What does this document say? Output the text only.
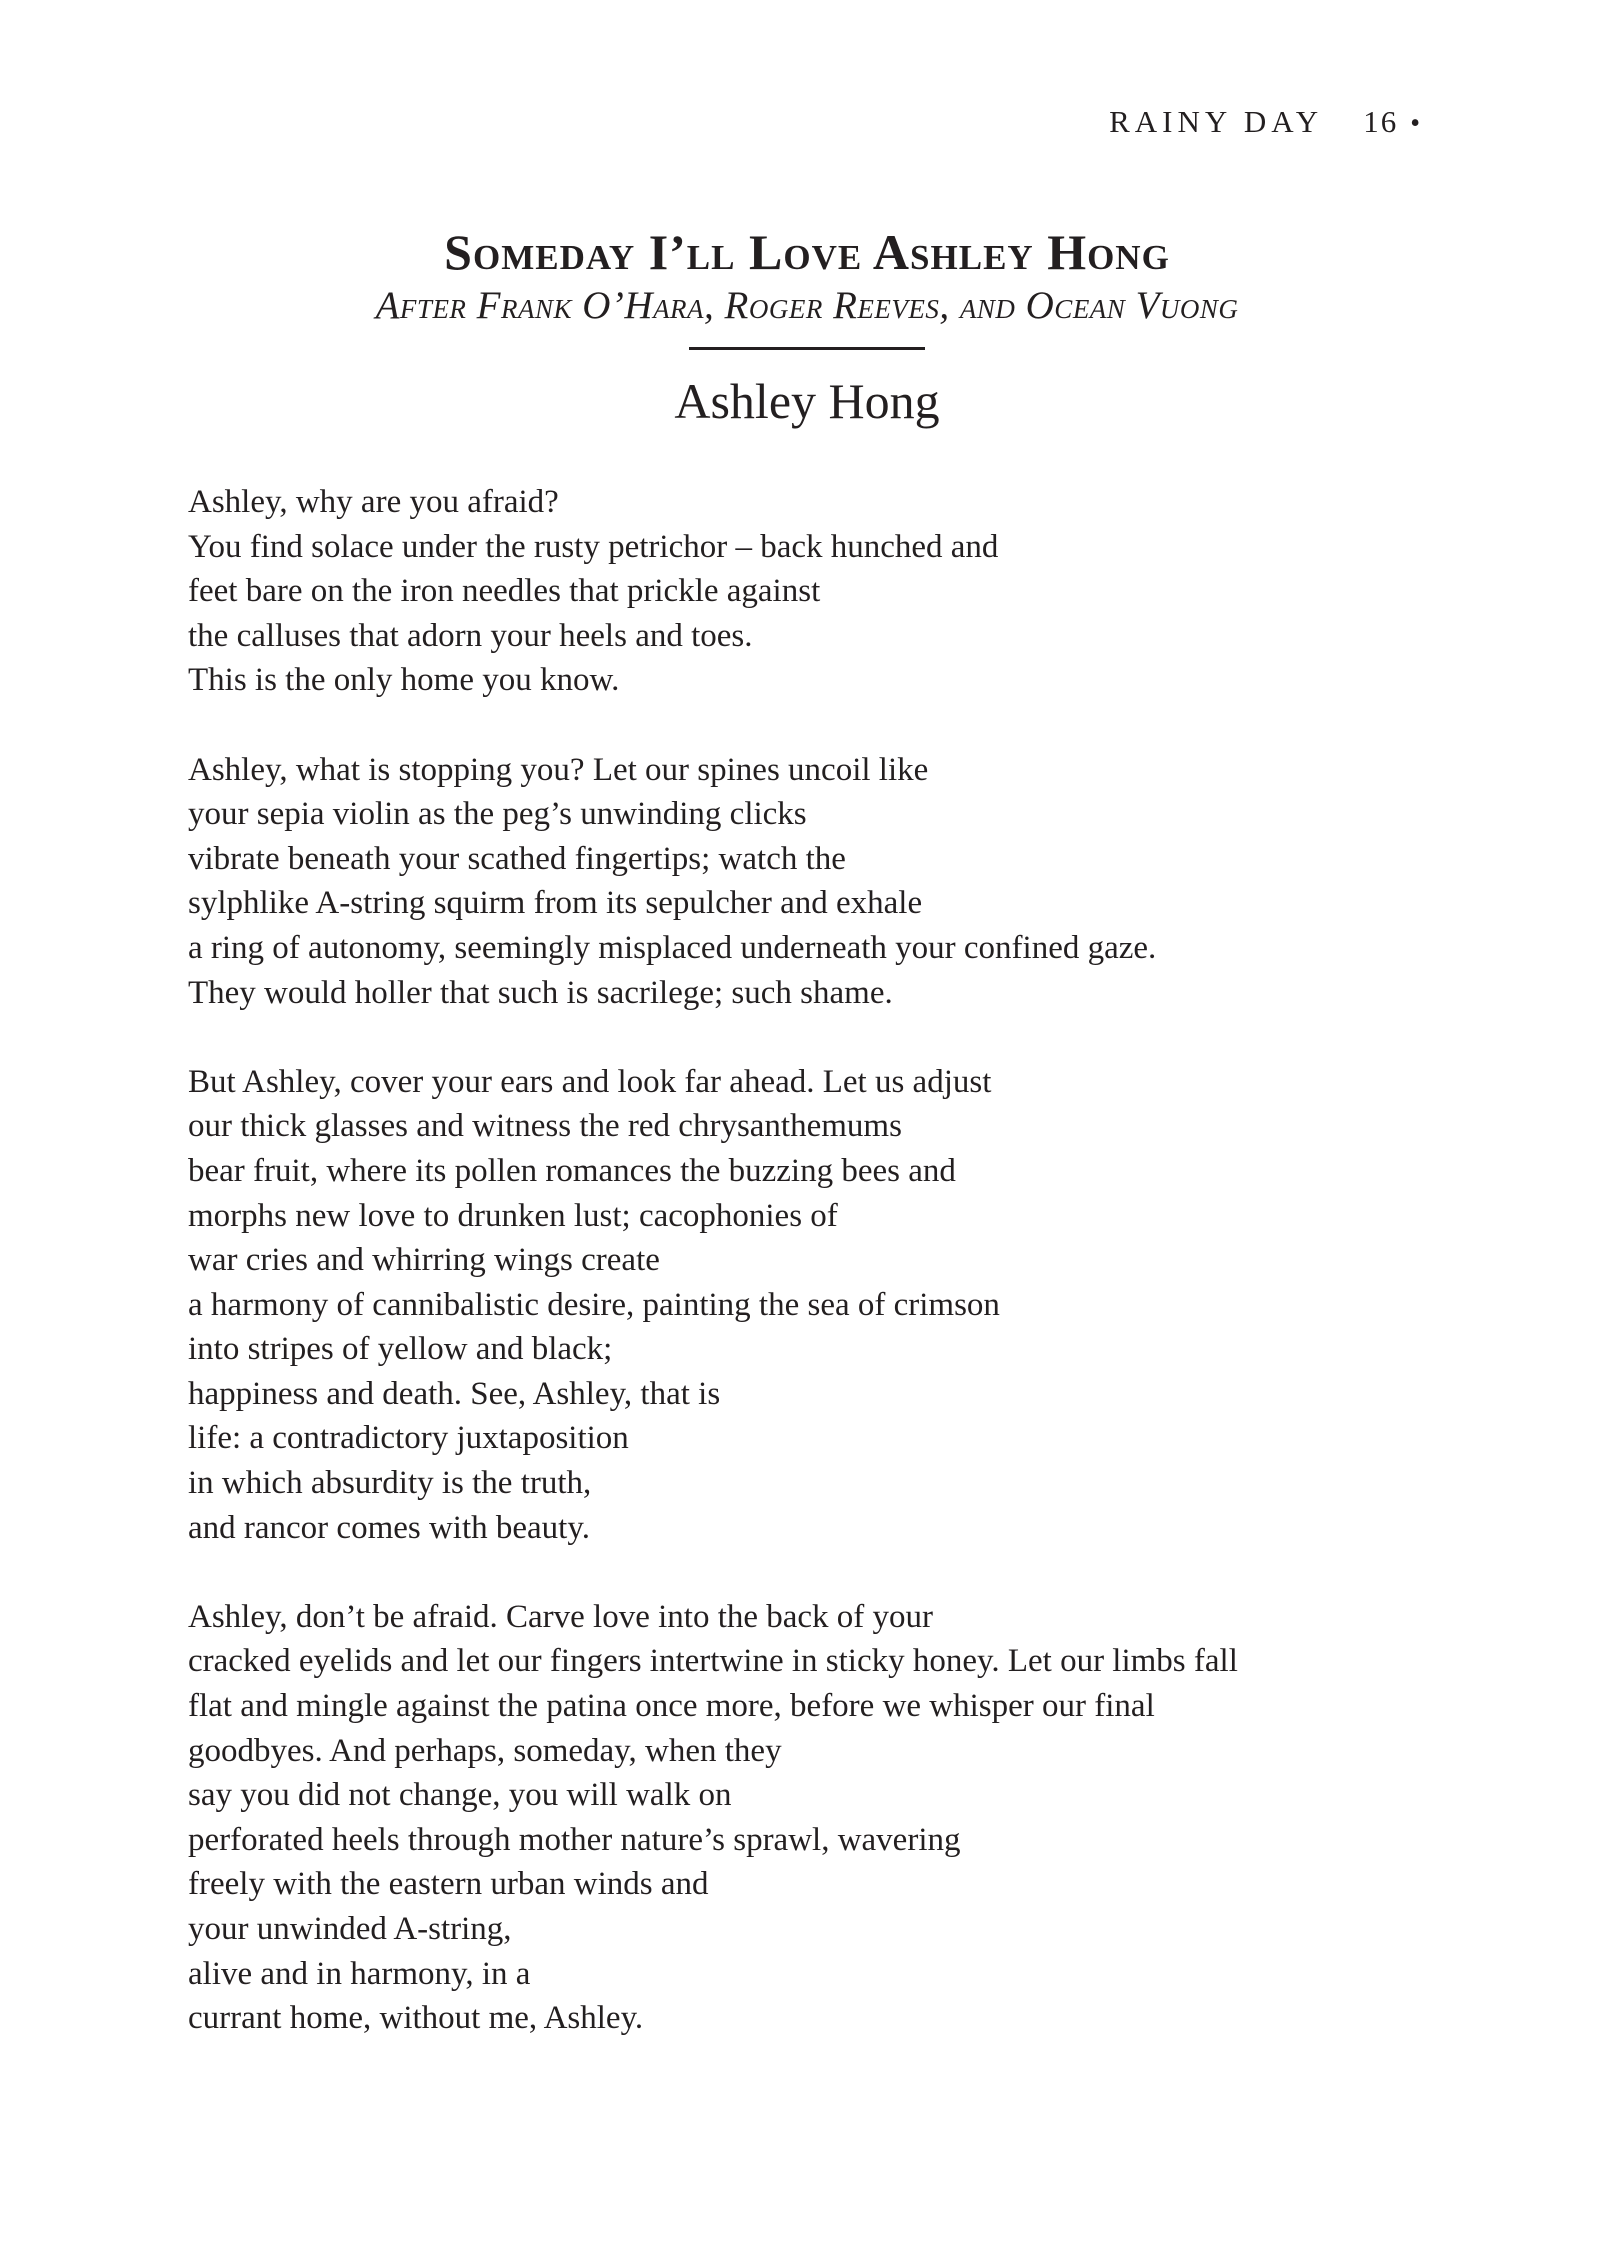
RAINY DAY 16 •
Someday I’ll Love Ashley Hong

After Frank O’Hara, Roger Reeves, and Ocean Vuong

Ashley Hong

Ashley, why are you afraid?
You find solace under the rusty petrichor – back hunched and
feet bare on the iron needles that prickle against
the calluses that adorn your heels and toes.
This is the only home you know.
Ashley, what is stopping you? Let our spines uncoil like
your sepia violin as the peg’s unwinding clicks
vibrate beneath your scathed fingertips; watch the
sylphlike A-string squirm from its sepulcher and exhale
a ring of autonomy, seemingly misplaced underneath your confined gaze.
They would holler that such is sacrilege; such shame.
But Ashley, cover your ears and look far ahead. Let us adjust
our thick glasses and witness the red chrysanthemums
bear fruit, where its pollen romances the buzzing bees and
morphs new love to drunken lust; cacophonies of
war cries and whirring wings create
a harmony of cannibalistic desire, painting the sea of crimson
into stripes of yellow and black;
happiness and death. See, Ashley, that is
life: a contradictory juxtaposition
in which absurdity is the truth,
and rancor comes with beauty.
Ashley, don’t be afraid. Carve love into the back of your
cracked eyelids and let our fingers intertwine in sticky honey. Let our limbs fall
flat and mingle against the patina once more, before we whisper our final
goodbyes. And perhaps, someday, when they
say you did not change, you will walk on
perforated heels through mother nature’s sprawl, wavering
freely with the eastern urban winds and
your unwinded A-string,
alive and in harmony, in a
currant home, without me, Ashley.
